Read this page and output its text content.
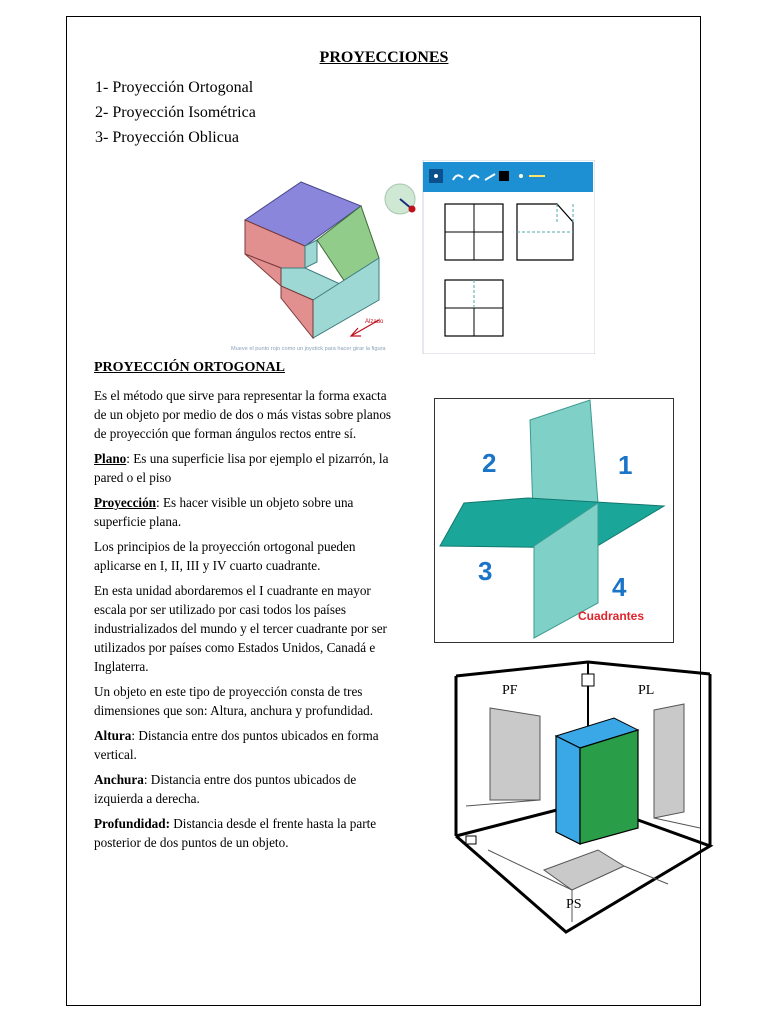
PROYECCIONES
1- Proyección Ortogonal
2- Proyección Isométrica
3- Proyección Oblicua
Alzado
Mueve el punto rojo como un joystick para hacer girar la figura
PROYECCIÓN ORTOGONAL

Es el método que sirve para representar la forma exacta de un objeto por medio de dos o más vistas sobre planos de proyección que forman ángulos rectos entre sí.

Plano: Es una superficie lisa por ejemplo el pizarrón, la pared o el piso

Proyección: Es hacer visible un objeto sobre una superficie plana.

Los principios de la proyección ortogonal pueden aplicarse en I, II, III y IV cuarto cuadrante.

En esta unidad abordaremos el I cuadrante en mayor escala por ser utilizado por casi todos los países industrializados del mundo y el tercer cuadrante por ser utilizados por países como Estados Unidos, Canadá e Inglaterra.

Un objeto en este tipo de proyección consta de tres dimensiones que son: Altura, anchura y profundidad.

Altura: Distancia entre dos puntos ubicados en forma vertical.

Anchura: Distancia entre dos puntos ubicados de izquierda a derecha.

Profundidad: Distancia desde el frente hasta la parte posterior de dos puntos de un objeto.

2	1
3
4
Cuadrantes
PF	PL
PS
